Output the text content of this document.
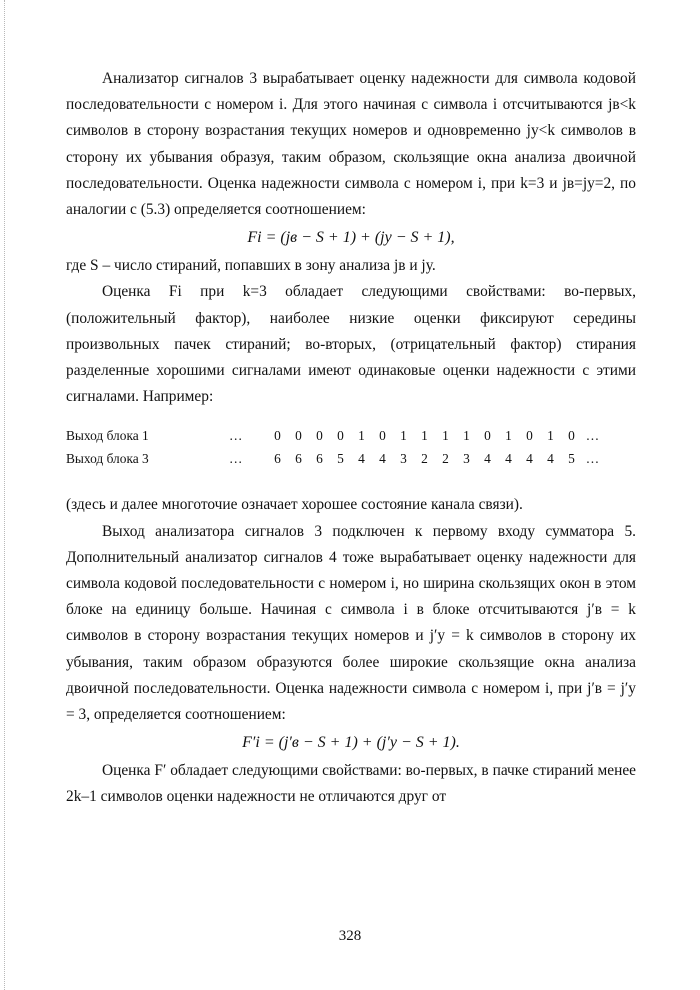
Анализатор сигналов 3 вырабатывает оценку надежности для символа кодовой последовательности с номером i. Для этого начиная с символа i отсчитываются jв<k символов в сторону возрастания текущих номеров и одновременно jу<k символов в сторону их убывания образуя, таким образом, скользящие окна анализа двоичной последовательности. Оценка надежности символа с номером i, при k=3 и jв=jу=2, по аналогии с (5.3) определяется соотношением:

Fi = (jв − S + 1) + (jу − S + 1),

где S – число стираний, попавших в зону анализа jв и jу.

Оценка Fi при k=3 обладает следующими свойствами: во-первых, (положительный фактор), наиболее низкие оценки фиксируют середины произвольных пачек стираний; во-вторых, (отрицательный фактор) стирания разделенные хорошими сигналами имеют одинаковые оценки надежности с этими сигналами. Например:

Выход блока 1	…	0	0	0	0	1	0	1	1	1	1	0	1	0	1	0 …
Выход блока 3	…	6	6	6	5	4	4	3	2	2	3	4	4	4	4	5 …

(здесь и далее многоточие означает хорошее состояние канала связи).

Выход анализатора сигналов 3 подключен к первому входу сумматора 5. Дополнительный анализатор сигналов 4 тоже вырабатывает оценку надежности для символа кодовой последовательности с номером i, но ширина скользящих окон в этом блоке на единицу больше. Начиная с символа i в блоке отсчитываются j′в = k символов в сторону возрастания текущих номеров и j′у = k символов в сторону их убывания, таким образом образуются более широкие скользящие окна анализа двоичной последовательности. Оценка надежности символа с номером i, при j′в = j′у = 3, определяется соотношением:

F′i = (j′в − S + 1) + (j′у − S + 1).

Оценка F′ обладает следующими свойствами: во-первых, в пачке стираний менее 2k–1 символов оценки надежности не отличаются друг от

328
